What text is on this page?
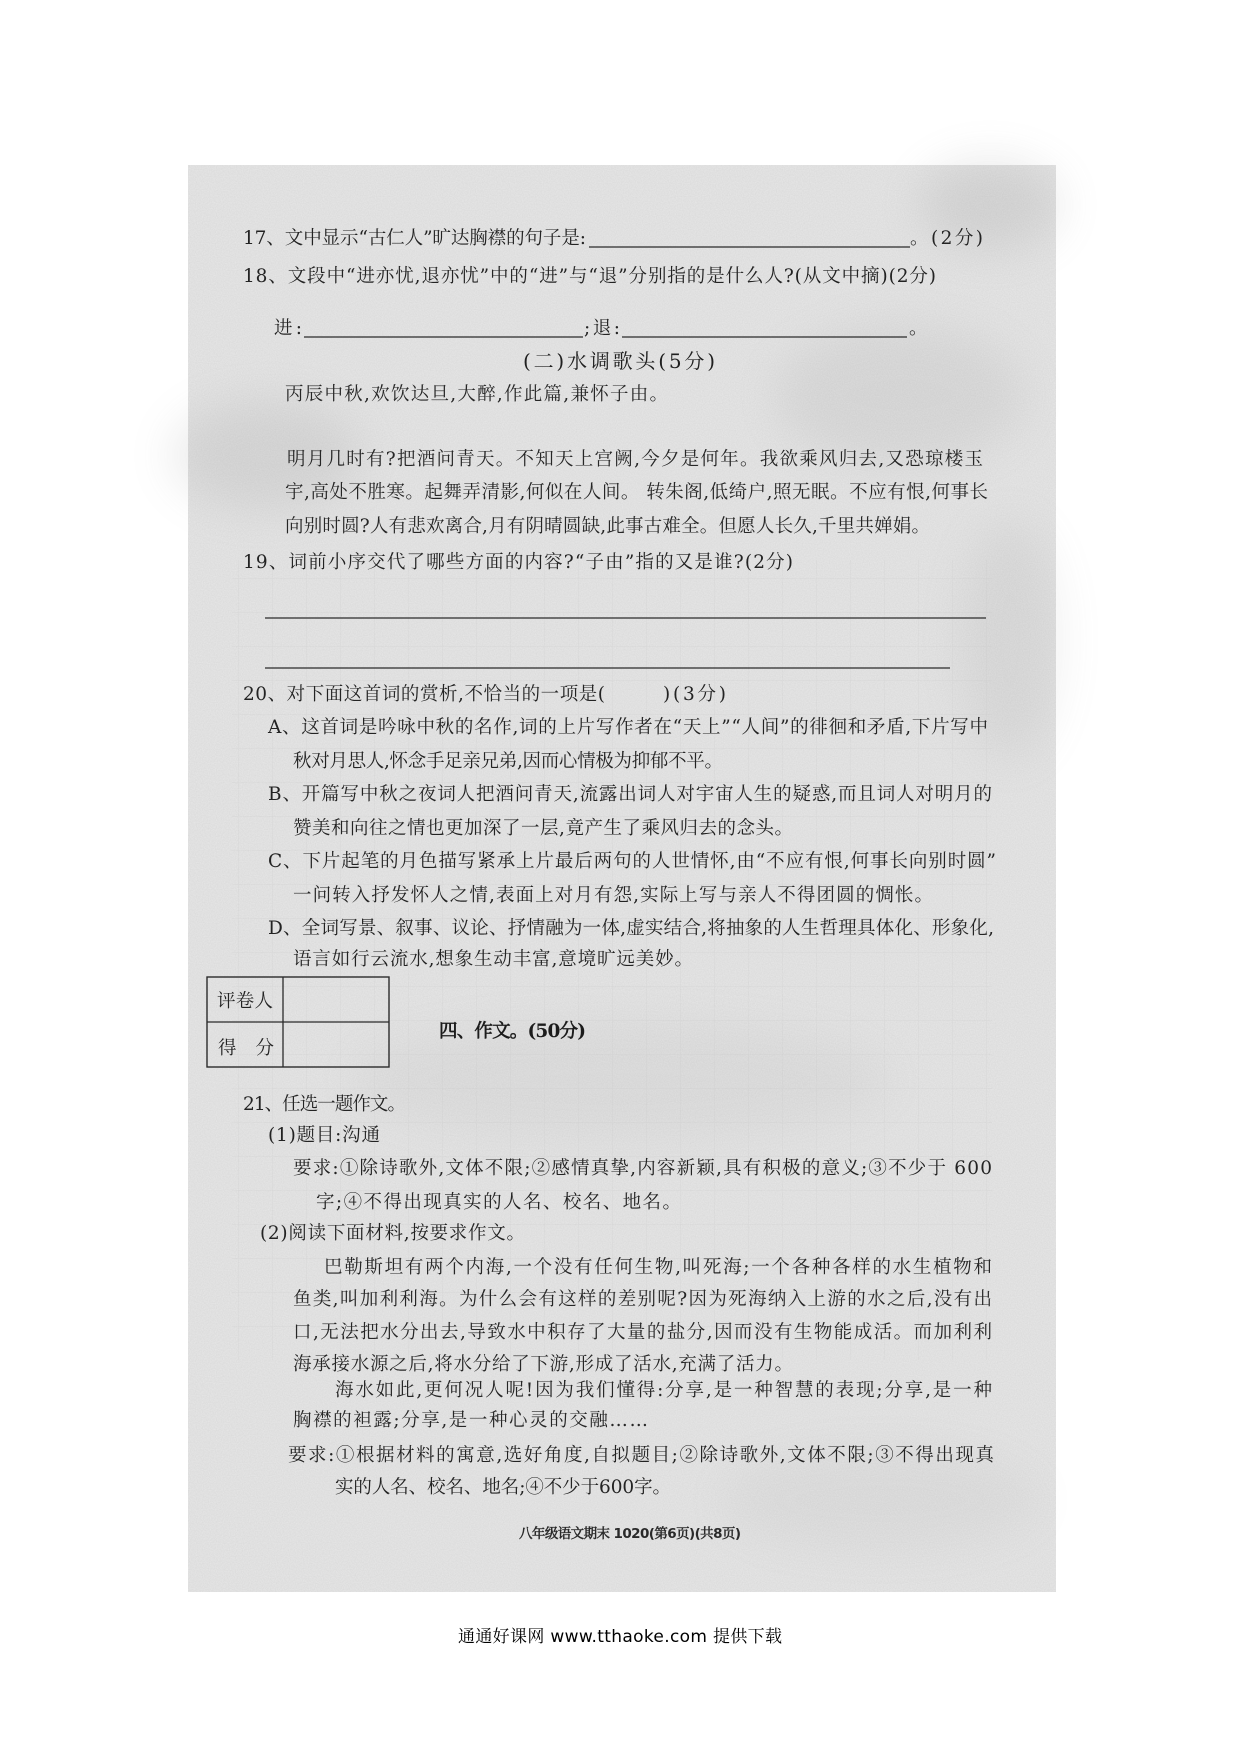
17、文中显示“古仁人”旷达胸襟的句子是:	。(2分)
18、文段中“进亦忧,退亦忧”中的“进”与“退”分别指的是什么人?(从文中摘)(2分)
进:	;退:	。
(二)水调歌头(5分)
丙辰中秋,欢饮达旦,大醉,作此篇,兼怀子由。
明月几时有?把酒问青天。不知天上宫阙,今夕是何年。我欲乘风归去,又恐琼楼玉
宇,高处不胜寒。起舞弄清影,何似在人间。 转朱阁,低绮户,照无眠。不应有恨,何事长
向别时圆?人有悲欢离合,月有阴晴圆缺,此事古难全。但愿人长久,千里共婵娟。
19、词前小序交代了哪些方面的内容?“子由”指的又是谁?(2分)
20、对下面这首词的赏析,不恰当的一项是(	)(3分)
A、这首词是吟咏中秋的名作,词的上片写作者在“天上”“人间”的徘徊和矛盾,下片写中
秋对月思人,怀念手足亲兄弟,因而心情极为抑郁不平。
B、开篇写中秋之夜词人把酒问青天,流露出词人对宇宙人生的疑惑,而且词人对明月的
赞美和向往之情也更加深了一层,竟产生了乘风归去的念头。
C、下片起笔的月色描写紧承上片最后两句的人世情怀,由“不应有恨,何事长向别时圆”
一问转入抒发怀人之情,表面上对月有怨,实际上写与亲人不得团圆的惆怅。
D、全词写景、叙事、议论、抒情融为一体,虚实结合,将抽象的人生哲理具体化、形象化,
语言如行云流水,想象生动丰富,意境旷远美妙。
评卷人
得 分
四、作文。(50分)
21、任选一题作文。
(1)题目:沟通
要求:①除诗歌外,文体不限;②感情真挚,内容新颖,具有积极的意义;③不少于 600
字;④不得出现真实的人名、校名、地名。
(2)阅读下面材料,按要求作文。
巴勒斯坦有两个内海,一个没有任何生物,叫死海;一个各种各样的水生植物和
鱼类,叫加利利海。为什么会有这样的差别呢?因为死海纳入上游的水之后,没有出
口,无法把水分出去,导致水中积存了大量的盐分,因而没有生物能成活。而加利利
海承接水源之后,将水分给了下游,形成了活水,充满了活力。
海水如此,更何况人呢!因为我们懂得:分享,是一种智慧的表现;分享,是一种
胸襟的袒露;分享,是一种心灵的交融……
要求:①根据材料的寓意,选好角度,自拟题目;②除诗歌外,文体不限;③不得出现真
实的人名、校名、地名;④不少于600字。
八年级语文期末 1020(第6页)(共8页)
通通好课网 www.tthaoke.com 提供下载
